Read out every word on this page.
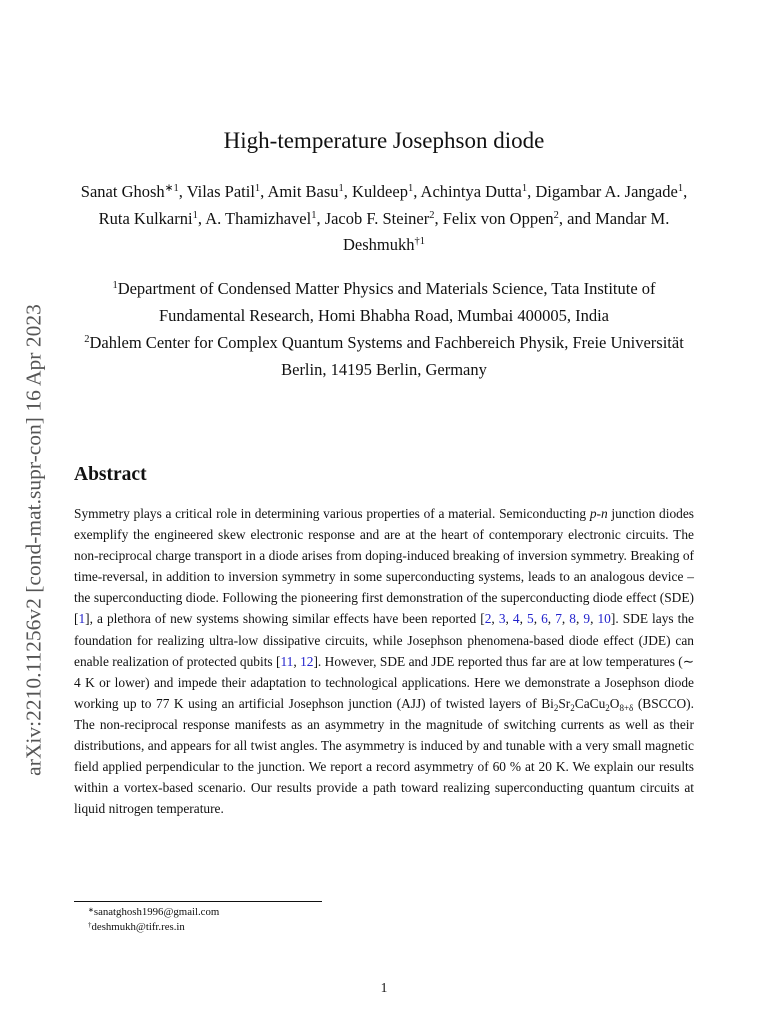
arXiv:2210.11256v2 [cond-mat.supr-con] 16 Apr 2023
High-temperature Josephson diode
Sanat Ghosh$^{∗1}$, Vilas Patil$^1$, Amit Basu$^1$, Kuldeep$^1$, Achintya Dutta$^1$, Digambar A. Jangade$^1$, Ruta Kulkarni$^1$, A. Thamizhavel$^1$, Jacob F. Steiner$^2$, Felix von Oppen$^2$, and Mandar M. Deshmukh$^{\dagger 1}$

$^1$Department of Condensed Matter Physics and Materials Science, Tata Institute of Fundamental Research, Homi Bhabha Road, Mumbai 400005, India

$^2$Dahlem Center for Complex Quantum Systems and Fachbereich Physik, Freie Universität Berlin, 14195 Berlin, Germany

Abstract

Symmetry plays a critical role in determining various properties of a material. Semiconducting p-n junction diodes exemplify the engineered skew electronic response and are at the heart of contemporary electronic circuits. The non-reciprocal charge transport in a diode arises from doping-induced breaking of inversion symmetry. Breaking of time-reversal, in addition to inversion symmetry in some superconducting systems, leads to an analogous device – the superconducting diode. Following the pioneering first demonstration of the superconducting diode effect (SDE) [1], a plethora of new systems showing similar effects have been reported [2, 3, 4, 5, 6, 7, 8, 9, 10]. SDE lays the foundation for realizing ultra-low dissipative circuits, while Josephson phenomena-based diode effect (JDE) can enable realization of protected qubits [11, 12]. However, SDE and JDE reported thus far are at low temperatures (∼ 4 K or lower) and impede their adaptation to technological applications. Here we demonstrate a Josephson diode working up to 77 K using an artificial Josephson junction (AJJ) of twisted layers of $Bi_2Sr_2CaCu_2O_{8+\delta}$ (BSCCO). The non-reciprocal response manifests as an asymmetry in the magnitude of switching currents as well as their distributions, and appears for all twist angles. The asymmetry is induced by and tunable with a very small magnetic field applied perpendicular to the junction. We report a record asymmetry of 60 % at 20 K. We explain our results within a vortex-based scenario. Our results provide a path toward realizing superconducting quantum circuits at liquid nitrogen temperature.

∗sanatghosh1996@gmail.com
†deshmukh@tifr.res.in
1
